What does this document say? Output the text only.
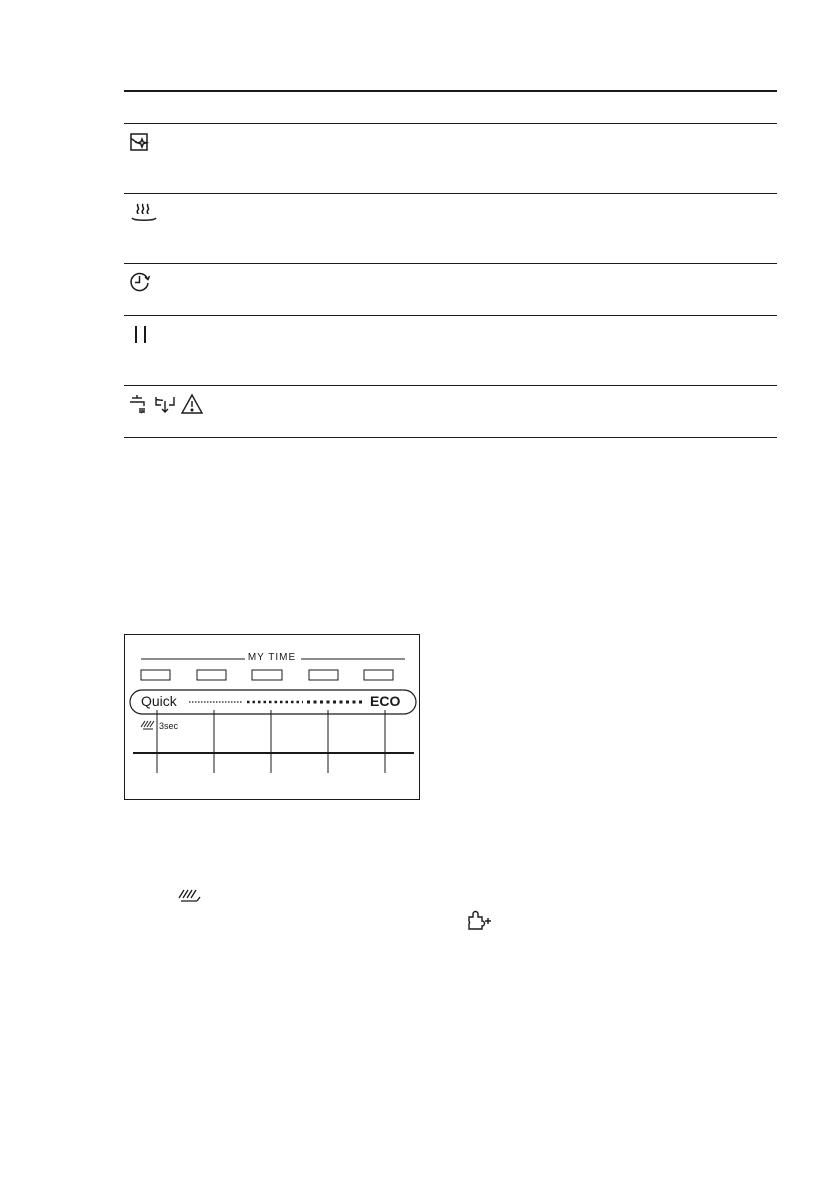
MY TIME
Quick	ECO
3sec
